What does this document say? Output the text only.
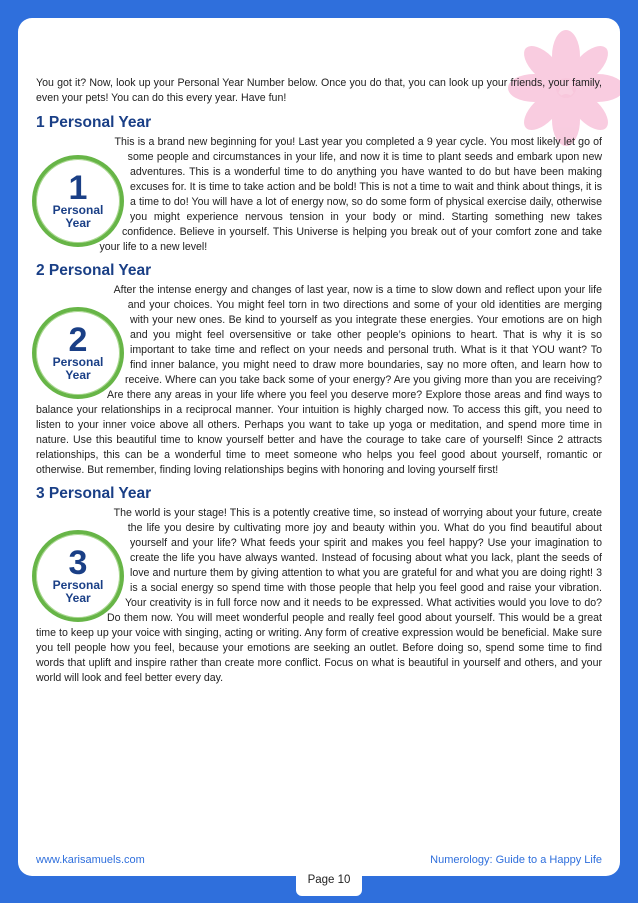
You got it? Now, look up your Personal Year Number below. Once you do that, you can look up your friends, your family, even your pets! You can do this every year. Have fun!

1 Personal Year
1
Personal
Year

This is a brand new beginning for you! Last year you completed a 9 year cycle. You most likely let go of some people and circumstances in your life, and now it is time to plant seeds and embark upon new adventures. This is a wonderful time to do anything you have wanted to do but have been making excuses for. It is time to take action and be bold! This is not a time to wait and think about things, it is a time to do! You will have a lot of energy now, so do some form of physical exercise daily, otherwise you might experience nervous tension in your body or mind. Starting something new takes confidence. Believe in yourself. This Universe is helping you break out of your comfort zone and take your life to a new level!

2 Personal Year
2
Personal
Year

After the intense energy and changes of last year, now is a time to slow down and reflect upon your life and your choices. You might feel torn in two directions and some of your old identities are merging with your new ones. Be kind to yourself as you integrate these energies. Your emotions are on high and you might feel oversensitive or take other people’s opinions to heart. That is why it is so important to take time and reflect on your needs and personal truth. What is it that YOU want? To find inner balance, you might need to draw more boundaries, say no more often, and learn how to receive. Where can you take back some of your energy? Are you giving more than you are receiving? Are there any areas in your life where you feel you deserve more? Explore those areas and find ways to balance your relationships in a reciprocal manner. Your intuition is highly charged now. To access this gift, you need to listen to your inner voice above all others. Perhaps you want to take up yoga or meditation, and spend more time in nature. Use this beautiful time to know yourself better and have the courage to take care of yourself! Since 2 attracts relationships, this can be a wonderful time to meet someone who helps you feel good about yourself, romantic or otherwise. But remember, finding loving relationships begins with honoring and loving yourself first!

3 Personal Year
3
Personal
Year

The world is your stage! This is a potently creative time, so instead of worrying about your future, create the life you desire by cultivating more joy and beauty within you. What do you find beautiful about yourself and your life? What feeds your spirit and makes you feel happy? Use your imagination to create the life you have always wanted. Instead of focusing about what you lack, plant the seeds of love and nurture them by giving attention to what you are grateful for and what you are doing right! 3 is a social energy so spend time with those people that help you feel good and raise your vibration. Your creativity is in full force now and it needs to be expressed. What activities would you love to do? Do them now. You will meet wonderful people and really feel good about yourself. This would be a great time to keep up your voice with singing, acting or writing. Any form of creative expression would be beneficial. Make sure you tell people how you feel, because your emotions are seeking an outlet. Before doing so, spend some time to find words that uplift and inspire rather than create more conflict. Focus on what is beautiful in yourself and others, and your world will look and feel better every day.

www.karisamuels.com	Numerology: Guide to a Happy Life
Page 10
